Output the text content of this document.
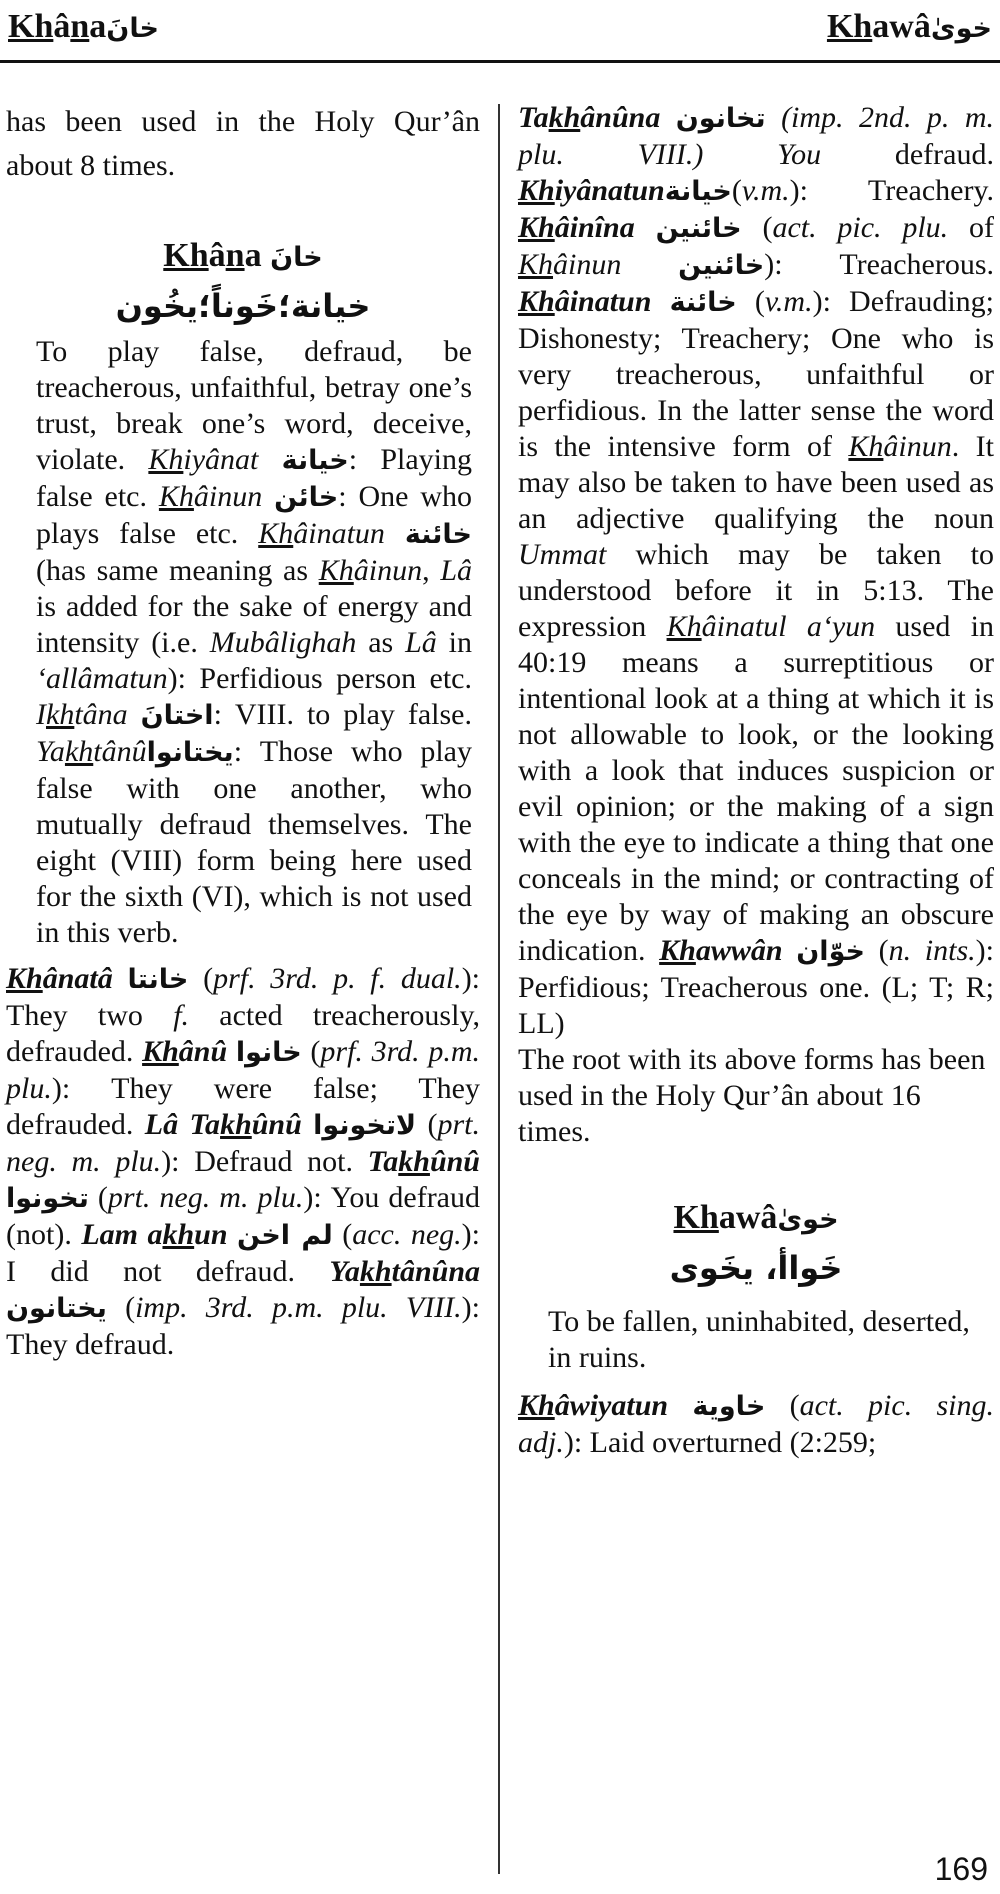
Khânaخانَ	Khawâخوىٰ

has been used in the Holy Qur’ân about 8 times.

Khâna خانَ
خيانة؛خَوناً؛يخُون

To play false, defraud, be treacherous, unfaithful, betray one’s trust, break one’s word, deceive, violate. Khiyânat خيانة: Playing false etc. Khâinun خائن: One who plays false etc. Khâinatun خائنة (has same meaning as Khâinun, Lâ is added for the sake of energy and intensity (i.e. Mubâlighah as Lâ in ‘allâmatun): Perfidious person etc. Ikhtâna اختانَ: VIII. to play false. Yakhtânûيختانوا: Those who play false with one another, who mutually defraud themselves. The eight (VIII) form being here used for the sixth (VI), which is not used in this verb.

Khânatâ خانتا (prf. 3rd. p. f. dual.): They two f. acted treacherously, defrauded. Khânû خانوا (prf. 3rd. p.m. plu.): They were false; They defrauded. Lâ Takhûnû لاتخونوا (prt. neg. m. plu.): Defraud not. Takhûnû تخونوا (prt. neg. m. plu.): You defraud (not). Lam akhun لم اخن (acc. neg.): I did not defraud. Yakhtânûna يختانون (imp. 3rd. p.m. plu. VIII.): They defraud.

Takhânûna تخانون (imp. 2nd. p. m. plu. VIII.) You defraud. Khiyânatunخيانة(v.m.): Treachery. Khâinîna خائنين (act. pic. plu. of Khâinun خائنين): Treacherous. Khâinatun خائنة (v.m.): Defrauding; Dishonesty; Treachery; One who is very treacherous, unfaithful or perfidious. In the latter sense the word is the intensive form of Khâinun. It may also be taken to have been used as an adjective qualifying the noun Ummat which may be taken to understood before it in 5:13. The expression Khâinatul a‘yun used in 40:19 means a surreptitious or intentional look at a thing at which it is not allowable to look, or the looking with a look that induces suspicion or evil opinion; or the making of a sign with the eye to indicate a thing that one conceals in the mind; or contracting of the eye by way of making an obscure indication. Khawwân خوّان (n. ints.): Perfidious; Treacherous one. (L; T; R; LL)

The root with its above forms has been used in the Holy Qur’ân about 16 times.

Khawâخوىٰ
خَواأ، يخَوى

To be fallen, uninhabited, deserted, in ruins.

Khâwiyatun خاوية (act. pic. sing. adj.): Laid overturned (2:259;

169
